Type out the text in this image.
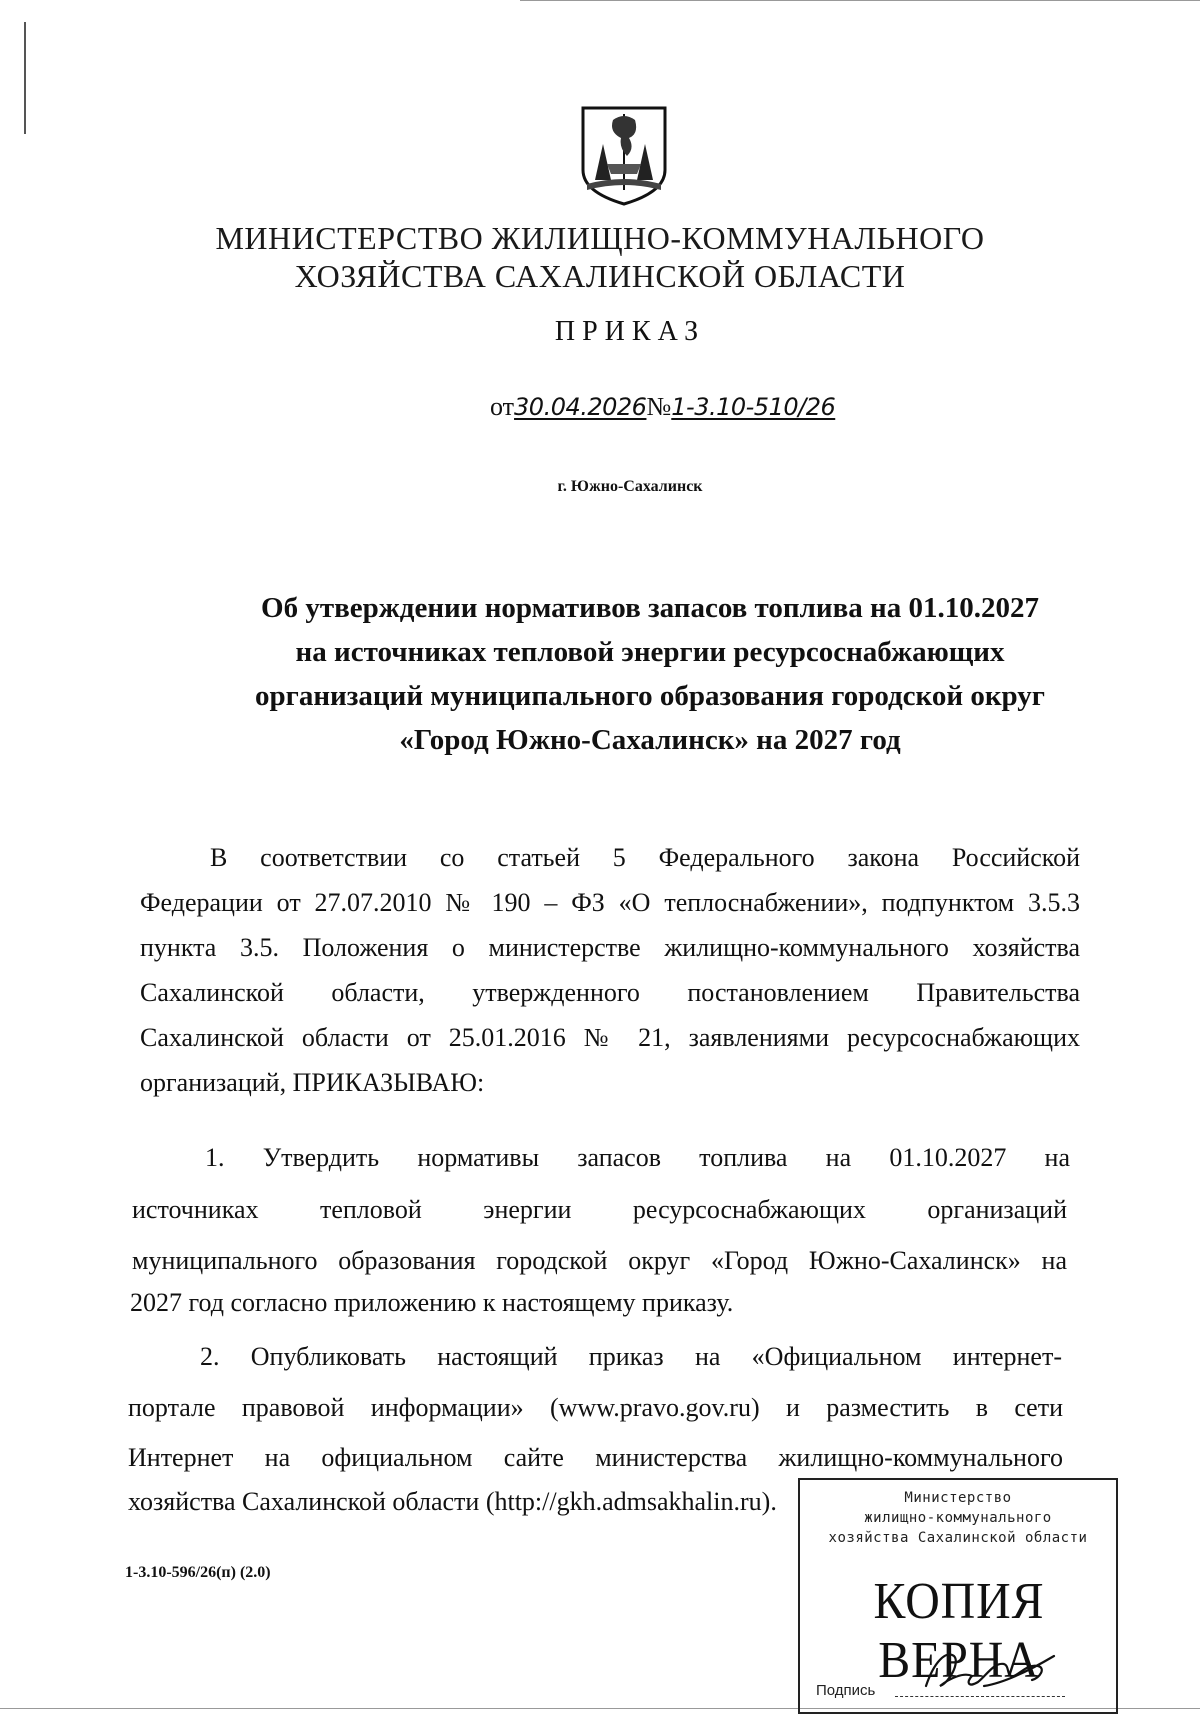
МИНИСТЕРСТВО ЖИЛИЩНО-КОММУНАЛЬНОГО
ХОЗЯЙСТВА САХАЛИНСКОЙ ОБЛАСТИ
ПРИКАЗ
от30.04.2026№1-3.10-510/26
г. Южно-Сахалинск
Об утверждении нормативов запасов топлива на 01.10.2027
на источниках тепловой энергии ресурсоснабжающих
организаций муниципального образования городской округ
«Город Южно-Сахалинск» на 2027 год
В соответствии со статьей 5 Федерального закона Российской
Федерации от 27.07.2010 № 190 – ФЗ «О теплоснабжении», подпунктом 3.5.3
пункта 3.5. Положения о министерстве жилищно-коммунального хозяйства
Сахалинской области, утвержденного постановлением Правительства
Сахалинской области от 25.01.2016 № 21, заявлениями ресурсоснабжающих
организаций, ПРИКАЗЫВАЮ:
1. Утвердить нормативы запасов топлива на 01.10.2027 на
источниках тепловой энергии ресурсоснабжающих организаций
муниципального образования городской округ «Город Южно-Сахалинск» на
2027 год согласно приложению к настоящему приказу.
2. Опубликовать настоящий приказ на «Официальном интернет-
портале правовой информации» (www.pravo.gov.ru) и разместить в сети
Интернет на официальном сайте министерства жилищно-коммунального
хозяйства Сахалинской области (http://gkh.admsakhalin.ru).
1-3.10-596/26(п) (2.0)
Министерство
жилищно-коммунального
хозяйства Сахалинской области
КОПИЯ ВЕРНА
Подпись
